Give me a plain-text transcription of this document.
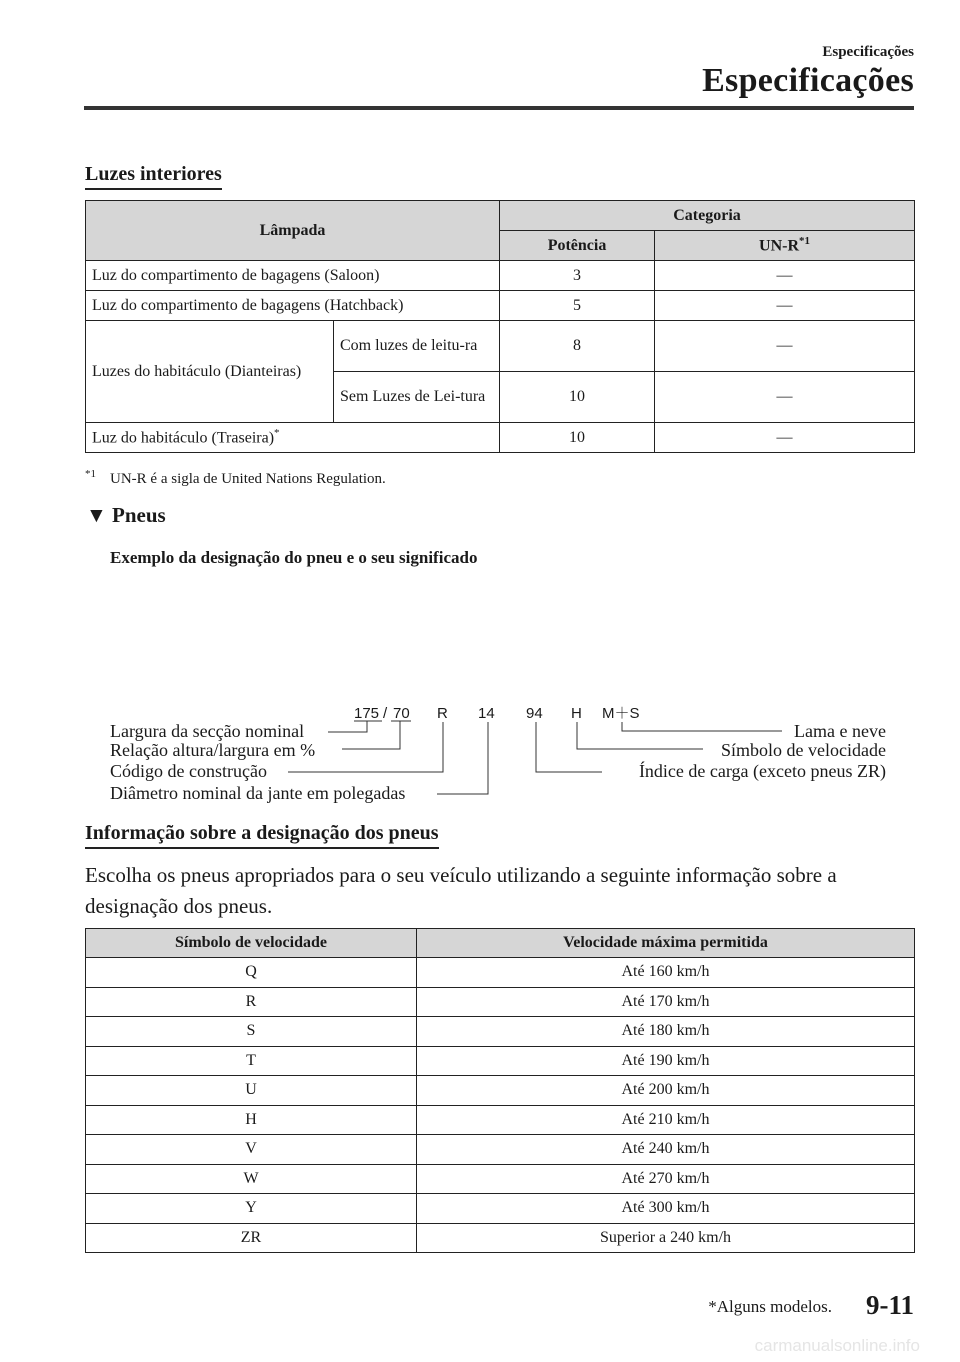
Especificações
Especificações
Luzes interiores
Lâmpada		Categoria	
		Potência	$UN-R^{*1}$
Luz do compartimento de bagagens (Saloon)		3	—
Luz do compartimento de bagagens (Hatchback)		5	—
Luzes do habitáculo (Dianteiras)	Com luzes de leitu-ra	8	—
	Sem Luzes de Lei-tura	10	—
Luz do habitáculo (Traseira)*		10	—
$^{*1}$ UN-R é a sigla de United Nations Regulation.
▼ Pneus
Exemplo da designação do pneu e o seu significado
175 / 70 R 14 94 H M＋S
Largura da secção nominal
Relação altura/largura em %
Código de construção
Diâmetro nominal da jante em polegadas
Lama e neve
Símbolo de velocidade
Índice de carga (exceto pneus ZR)
Informação sobre a designação dos pneus
Escolha os pneus apropriados para o seu veículo utilizando a seguinte informação sobre a designação dos pneus.
Símbolo de velocidade	Velocidade máxima permitida
Q	Até 160 km/h
R	Até 170 km/h
S	Até 180 km/h
T	Até 190 km/h
U	Até 200 km/h
H	Até 210 km/h
V	Até 240 km/h
W	Até 270 km/h
Y	Até 300 km/h
ZR	Superior a 240 km/h
*Alguns modelos. 9-11
carmanualsonline.info
